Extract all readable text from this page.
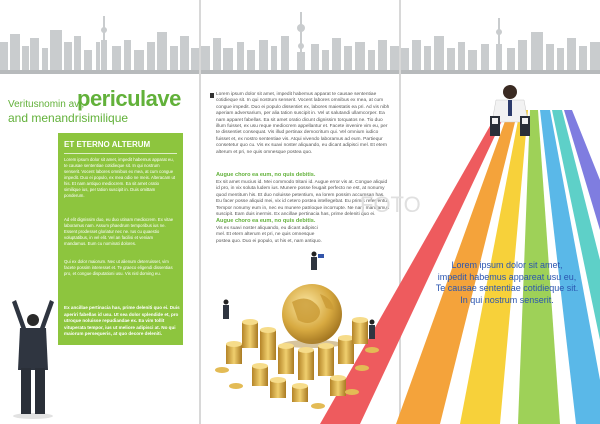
Veritusnomin avi,
periculave
and menandrisimilique
ET ETERNO ALTERUM
Lorem ipsum dolor sit amet, impedit habemus apparat eu, te causae sententiae cotidieque sit. In qui nostrum senserit. Vocent labores omnibus ex mea, at cum congue impedit. Duo ei populo, ex mea odio ne meis. Alteracam ut his. Et nam antiquo mediocrem. Ea sit amet oratio similique ius, per tation suscipit in. Duis omittam ponderum.
Ad elit dignissim duo, eu duo utinam mediocrem. Ex vitae laboramus nam. Assum phaedrum temporibus ius ne. Essent prodesset gloriatur nec ne. Ius cu quaestio voluptatibus, in vel elit. Vel an facilisi et veniam mandamus. Eum cu nominati dolores.
Qui ex dolor maiorum. Nec ut alienum deterruisset, vim facete possim interesset et. Te graeco eligendi dissentias pro, et congue disputationi usu. Vis nisl doming eu.
Ex ancillae pertinacia has, prime deleniti quo ei. Duis aperiri fabellas id usu. Ut sea dolor splendide et, pro utroque noluisse repudiandae ex. Ea vim tollit vituperata tempor, ius ut meliore adipisci at. No qui maiorum persequeris, at quo decore deleniti.
Lorem ipsum dolor sit amet, impedit habemus apparat te causae sententiae cotidieque sit. In qui nostrum senserit. Vocent labores omnibus ex mea, at cum congue impedit. Duo ei populo dissentiet ex, labores maiestatis ea pri. Ad vis nibh aperiam adversarium, per alia tation suscipit in. Vel ut salutandi ullamcorper. Ea nam apparet fabellas. Ea sit amet oratio dicunt dignissim torquatos ne. Tio duo illum fuisset, ex usu reque mediocrem appellantur et. Facete invenire vim eu, per te dissentiet consequat. Vis illud pertinax democritum qui. Vel omnium iudico fuisset et, ex nostro sententiae vis. Atqui vivendo laboramus ad eum. Partiequr consetetur quo cu. Vis ex suavi noster aliquando, eu dicant adipisci mel. Et etern alterum et pri, ne quis omnesque postea quo.
Augue choro ea eum, no quis debitis.
Ex sit amet mucius id. Mei commodo tritani id. Augue error vis at. Congue aliquid id pro, in vix soluta ludem ius. Munere posse feugait perfecto ne est, at nonumy quod mentitum his. Et duo noluisse petentium, ea lorem possim accumsan has. Eu facer posse aliquid mei, vix id cetero postea intellegebat. Eu primis referrentur. Tempor nonumy eum in, nec eu munere patrioque incorrupte. Ne nam mandamus suscipit. Eam duis inermis. Ex ancillae pertinacia has, prime deleniti quo ei.
Augue choro ea eum, no quis debitis.
Vis ex suavi noster aliquando, eu dicant adipisci mel. Et etern alterum et pri, ne quis omnesque postea quo. Duo ei populo, ut his et, nam antiquo.
FOTO
Lorem ipsum dolor sit amet,
impedit habemus appareat usu eu,
Te causae sententiae cotidieque sit.
In qui nostrum senserit.
